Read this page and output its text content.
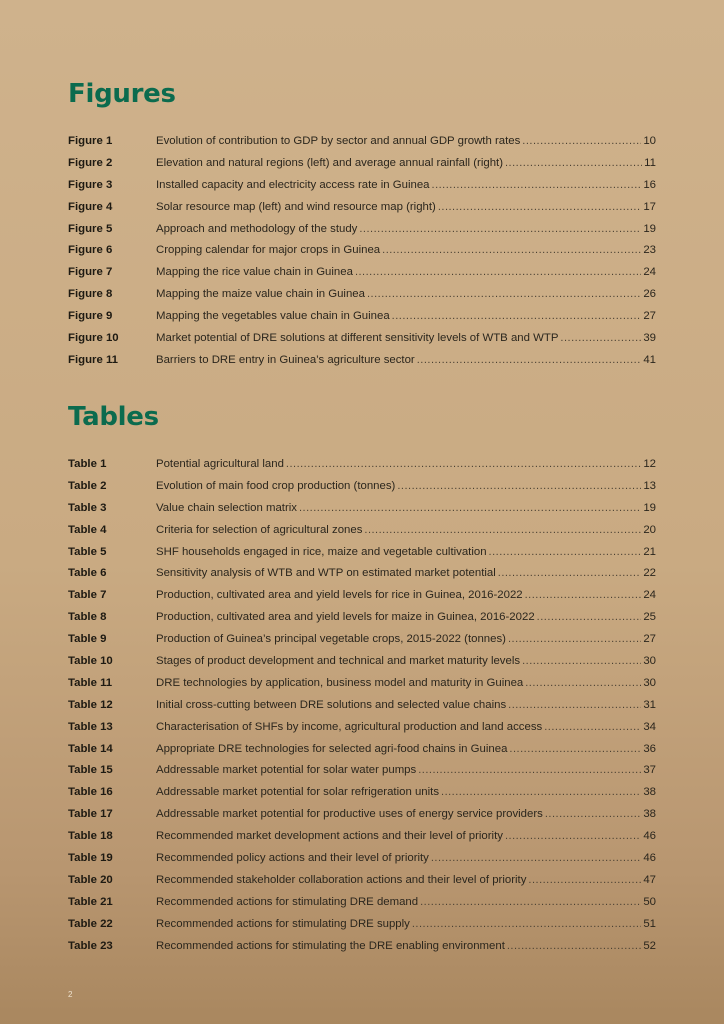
Figures
Figure 1	Evolution of contribution to GDP by sector and annual GDP growth rates .....	10
Figure 2	Elevation and natural regions (left) and average annual rainfall (right) .....	11
Figure 3	Installed capacity and electricity access rate in Guinea .....	16
Figure 4	Solar resource map (left) and wind resource map (right) .....	17
Figure 5	Approach and methodology of the study .....	19
Figure 6	Cropping calendar for major crops in Guinea .....	23
Figure 7	Mapping the rice value chain in Guinea .....	24
Figure 8	Mapping the maize value chain in Guinea .....	26
Figure 9	Mapping the vegetables value chain in Guinea .....	27
Figure 10	Market potential of DRE solutions at different sensitivity levels of WTB and WTP .....	39
Figure 11	Barriers to DRE entry in Guinea’s agriculture sector .....	41
Tables
Table 1	Potential agricultural land .....	12
Table 2	Evolution of main food crop production (tonnes) .....	13
Table 3	Value chain selection matrix .....	19
Table 4	Criteria for selection of agricultural zones .....	20
Table 5	SHF households engaged in rice, maize and vegetable cultivation .....	21
Table 6	Sensitivity analysis of WTB and WTP on estimated market potential .....	22
Table 7	Production, cultivated area and yield levels for rice in Guinea, 2016-2022 .....	24
Table 8	Production, cultivated area and yield levels for maize in Guinea, 2016-2022 .....	25
Table 9	Production of Guinea’s principal vegetable crops, 2015-2022 (tonnes) .....	27
Table 10	Stages of product development and technical and market maturity levels .....	30
Table 11	DRE technologies by application, business model and maturity in Guinea .....	30
Table 12	Initial cross-cutting between DRE solutions and selected value chains .....	31
Table 13	Characterisation of SHFs by income, agricultural production and land access .....	34
Table 14	Appropriate DRE technologies for selected agri-food chains in Guinea .....	36
Table 15	Addressable market potential for solar water pumps .....	37
Table 16	Addressable market potential for solar refrigeration units .....	38
Table 17	Addressable market potential for productive uses of energy service providers .....	38
Table 18	Recommended market development actions and their level of priority .....	46
Table 19	Recommended policy actions and their level of priority .....	46
Table 20	Recommended stakeholder collaboration actions and their level of priority .....	47
Table 21	Recommended actions for stimulating DRE demand .....	50
Table 22	Recommended actions for stimulating DRE supply .....	51
Table 23	Recommended actions for stimulating the DRE enabling environment .....	52
2
